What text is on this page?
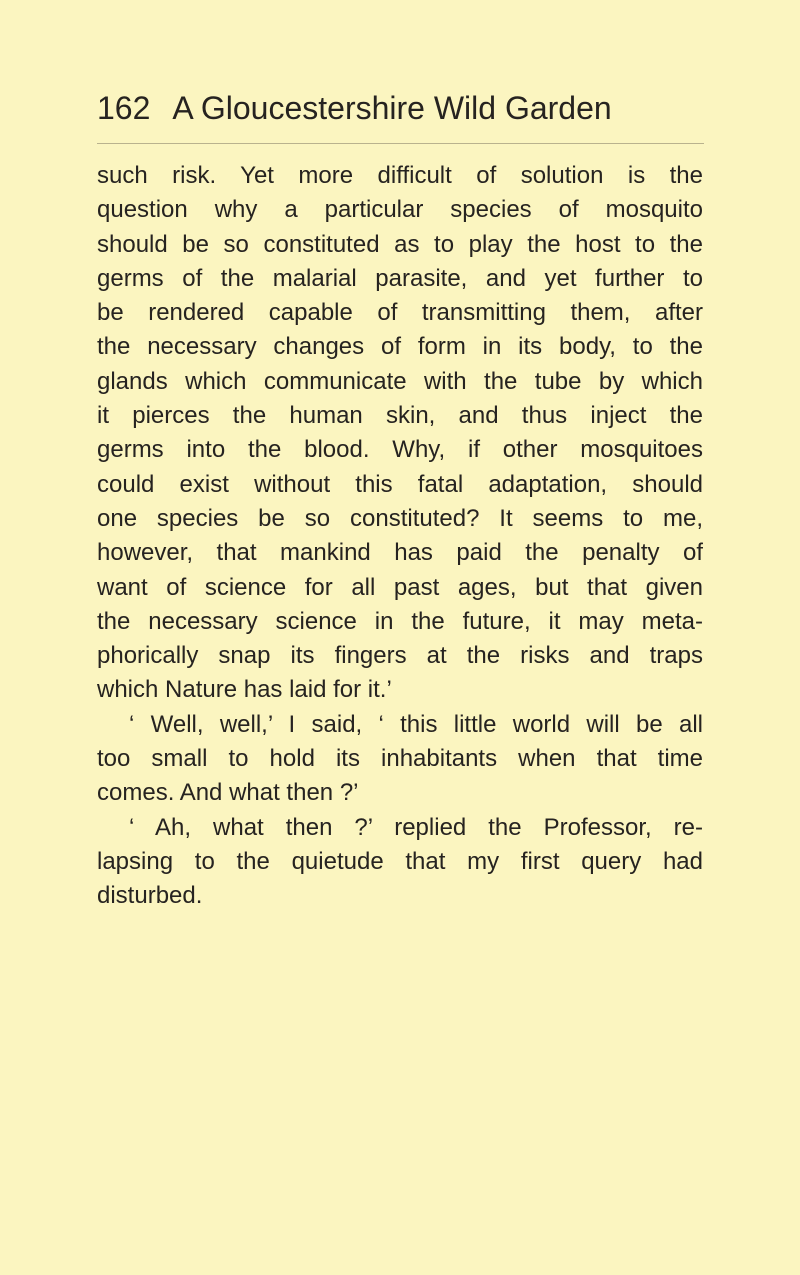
162 A Gloucestershire Wild Garden
such risk. Yet more difficult of solution is the
question why a particular species of mosquito
should be so constituted as to play the host to the
germs of the malarial parasite, and yet further to
be rendered capable of transmitting them, after
the necessary changes of form in its body, to the
glands which communicate with the tube by which
it pierces the human skin, and thus inject the
germs into the blood. Why, if other mosquitoes
could exist without this fatal adaptation, should
one species be so constituted? It seems to me,
however, that mankind has paid the penalty of
want of science for all past ages, but that given
the necessary science in the future, it may meta-
phorically snap its fingers at the risks and traps
which Nature has laid for it.’
‘ Well, well,’ I said, ‘ this little world will be all
too small to hold its inhabitants when that time
comes. And what then ?’
‘ Ah, what then ?’ replied the Professor, re-
lapsing to the quietude that my first query had
disturbed.
